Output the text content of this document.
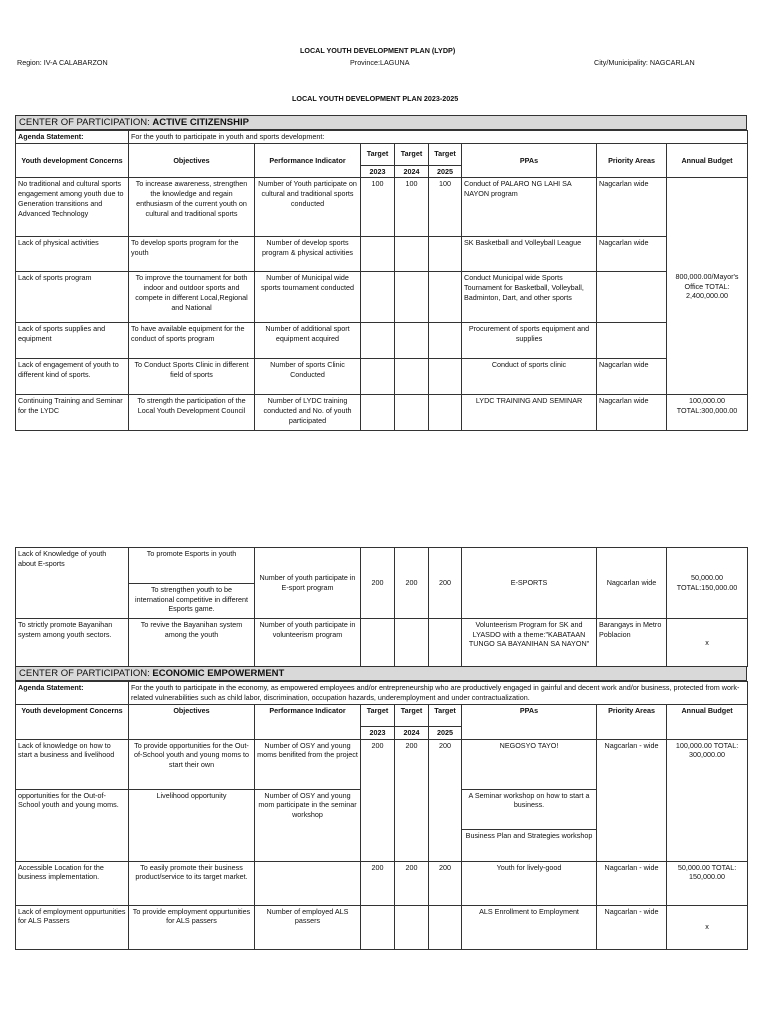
LOCAL YOUTH DEVELOPMENT PLAN (LYDP)
Region: IV-A CALABARZON	Province:LAGUNA	City/Municipality: NAGCARLAN
LOCAL YOUTH DEVELOPMENT PLAN 2023-2025
CENTER OF PARTICIPATION: ACTIVE CITIZENSHIP
Agenda Statement:	For the youth to participate in youth and sports development:							
Youth development Concerns	Objectives	Performance Indicator	Target	Target	Target	PPAs	Priority Areas	Annual Budget
			2023	2024	2025			
No traditional and cultural sports engagement among youth due to Generation transitions and Advanced Technology	To increase awareness, strengthen the knowledge and regain enthusiasm of the current youth on cultural and traditional sports	Number of Youth participate on cultural and traditional sports conducted	100	100	100	Conduct of PALARO NG LAHI SA NAYON program	Nagcarlan wide	800,000.00/Mayor's Office TOTAL: 2,400,000.00
Lack of physical activities	To develop sports program for the youth	Number of develop sports program & physical activities				SK Basketball and Volleyball League	Nagcarlan wide	
Lack of sports program	To improve the tournament for both indoor and outdoor sports and compete in different Local,Regional and National	Number of Municipal wide sports tournament conducted				Conduct Municipal wide Sports Tournament for Basketball, Volleyball, Badminton, Dart, and other sports		
Lack of sports supplies and equipment	To have available equipment for the conduct of sports program	Number of additional sport equipment acquired				Procurement of sports equipment and supplies		
Lack of engagement of youth to different kind of sports.	To Conduct Sports Clinic in different field of sports	Number of sports Clinic Conducted				Conduct of sports clinic	Nagcarlan wide	
Continuing Training and Seminar for the LYDC	To strength the participation of the Local Youth Development Council	Number of LYDC training conducted and No. of youth participated				LYDC TRAINING AND SEMINAR	Nagcarlan wide	100,000.00 TOTAL:300,000.00
Lack of Knowledge of youth about E-sports	To promote Esports in youth	Number of youth participate in E-sport program	200	200	200	E-SPORTS	Nagcarlan wide	50,000.00 TOTAL:150,000.00
	To strengthen youth to be international competitive in different Esports game.							
To strictly promote Bayanihan system among youth sectors.	To revive the Bayanihan system among the youth	Number of youth participate in volunteerism program				Volunteerism Program for SK and LYASDO with a theme:"KABATAAN TUNGO SA BAYANIHAN SA NAYON"	Barangays in Metro Poblacion	x
CENTER OF PARTICIPATION: ECONOMIC EMPOWERMENT
Agenda Statement:	For the youth to participate in the economy, as empowered employees and/or entrepreneurship who are productively engaged in gainful and decent work and/or business, protected from work-related vulnerabilities such as child labor, discrimination, occupation hazards, underemployment and under contractualization.							
Youth development Concerns	Objectives	Performance Indicator	Target	Target	Target	PPAs	Priority Areas	Annual Budget
			2023	2024	2025			
Lack of knowledge on how to start a business and livelihood	To provide opportunities for the Out-of-School youth and young moms to start their own	Number of OSY and young moms benifited from the project	200	200	200	NEGOSYO TAYO!	Nagcarlan - wide	100,000.00 TOTAL: 300,000.00
opportunities for the Out-of-School youth and young moms.	Livelihood opportunity	Number of OSY and young mom participate in the seminar workshop				A Seminar workshop on how to start a business.		
						Business Plan and Strategies workshop		
Accessible Location for the business implementation.	To easily promote their business product/service to its target market.		200	200	200	Youth for lively-good	Nagcarlan - wide	50,000.00 TOTAL: 150,000.00
Lack of employment oppurtunities for ALS Passers	To provide employment oppurtunities for ALS passers	Number of employed ALS passers				ALS Enrollment to Employment	Nagcarlan - wide	x
